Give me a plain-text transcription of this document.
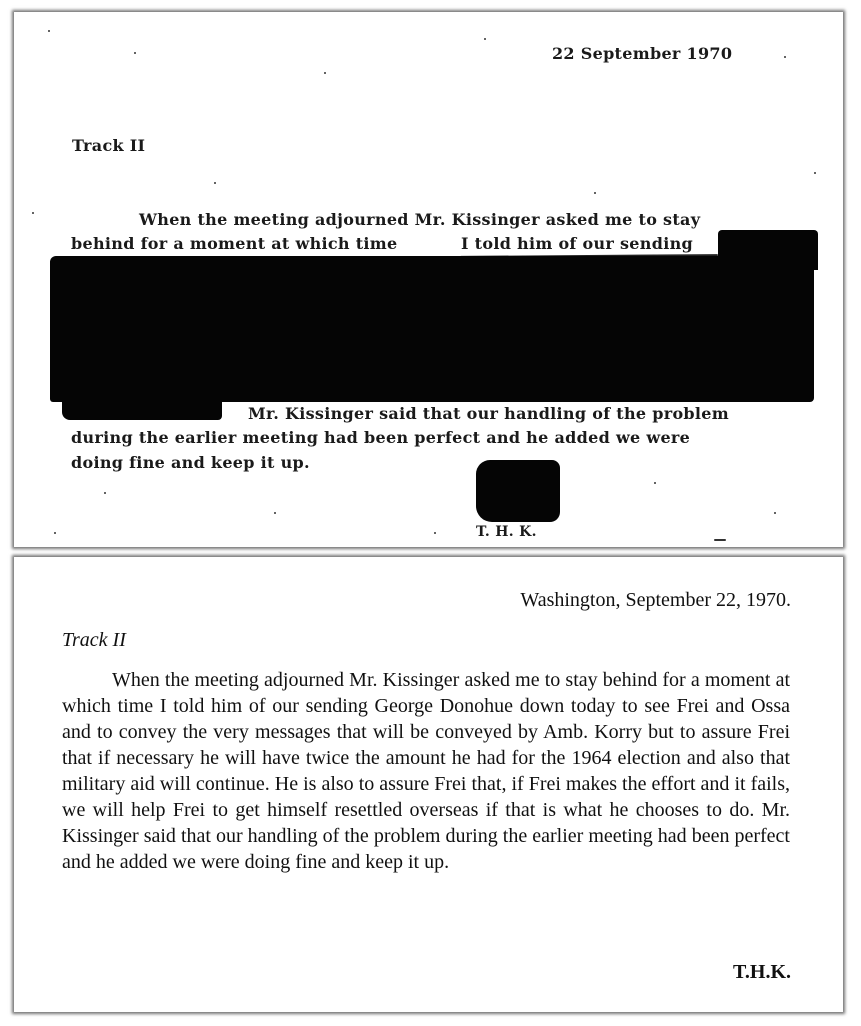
22 September 1970
Track II
When the meeting adjourned Mr. Kissinger asked me to stay
behind for a moment at which time	I told him of our sending
Mr. Kissinger said that our handling of the problem
during the earlier meeting had been perfect and he added we were
doing fine and keep it up.
T. H. K.
Washington, September 22, 1970.
Track II

When the meeting adjourned Mr. Kissinger asked me to stay behind for a moment at which time I told him of our sending George Donohue down today to see Frei and Ossa and to convey the very messages that will be conveyed by Amb. Korry but to assure Frei that if necessary he will have twice the amount he had for the 1964 election and also that military aid will continue. He is also to assure Frei that, if Frei makes the effort and it fails, we will help Frei to get himself resettled overseas if that is what he chooses to do. Mr. Kissinger said that our handling of the problem during the earlier meeting had been perfect and he added we were doing fine and keep it up.

T.H.K.
